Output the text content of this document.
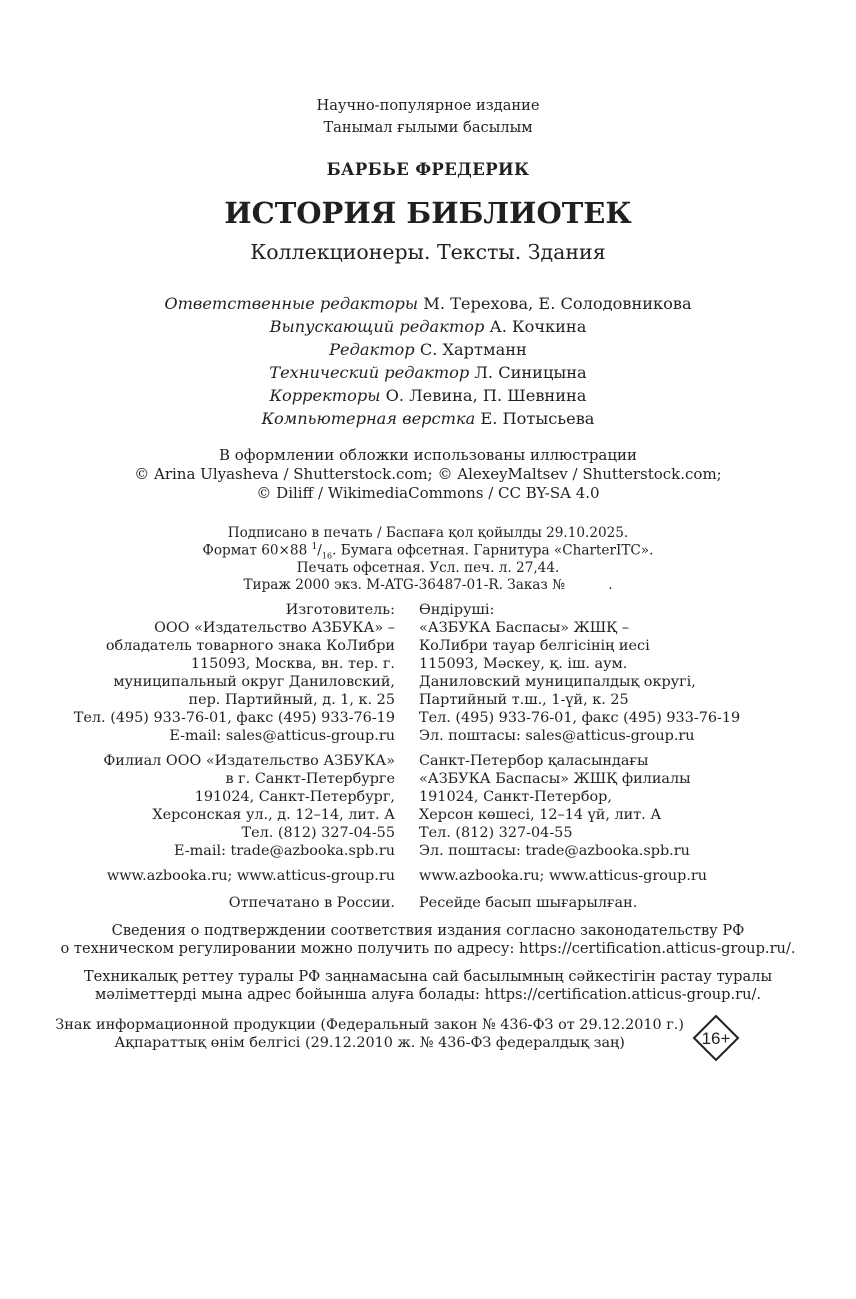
Научно-популярное издание
Танымал ғылыми басылым
БАРБЬЕ ФРЕДЕРИК
ИСТОРИЯ БИБЛИОТЕК
Коллекционеры. Тексты. Здания
Ответственные редакторы М. Терехова, Е. Солодовникова
Выпускающий редактор А. Кочкина
Редактор С. Хартманн
Технический редактор Л. Синицына
Корректоры О. Левина, П. Шевнина
Компьютерная верстка Е. Потысьева
В оформлении обложки использованы иллюстрации
© Arina Ulyasheva / Shutterstock.com; © AlexeyMaltsev / Shutterstock.com;
© Diliff / WikimediaCommons / CC BY-SA 4.0
Подписано в печать / Баспаға қол қойылды 29.10.2025.
Формат 60×88 $^1/_{16}$. Бумага офсетная. Гарнитура «CharterITC».
Печать офсетная. Усл. печ. л. 27,44.
Тираж 2000 экз. M-ATG-36487-01-R. Заказ №          .
Изготовитель:
ООО «Издательство АЗБУКА» –
обладатель товарного знака КоЛибри
115093, Москва, вн. тер. г.
муниципальный округ Даниловский,
пер. Партийный, д. 1, к. 25
Тел. (495) 933-76-01, факс (495) 933-76-19
E-mail: sales@atticus-group.ru
Өндіруші:
«АЗБУКА Баспасы» ЖШҚ –
КоЛибри тауар белгісінің иесі
115093, Мәскеу, қ. іш. аум.
Даниловский муниципалдық округі,
Партийный т.ш., 1-үй, к. 25
Тел. (495) 933-76-01, факс (495) 933-76-19
Эл. поштасы: sales@atticus-group.ru
Филиал ООО «Издательство АЗБУКА»
в г. Санкт-Петербурге
191024, Санкт-Петербург,
Херсонская ул., д. 12–14, лит. А
Тел. (812) 327-04-55
E-mail: trade@azbooka.spb.ru
Санкт-Петербор қаласындағы
«АЗБУКА Баспасы» ЖШҚ филиалы
191024, Санкт-Петербор,
Херсон көшесі, 12–14 үй, лит. А
Тел. (812) 327-04-55
Эл. поштасы: trade@azbooka.spb.ru
www.azbooka.ru; www.atticus-group.ru www.azbooka.ru; www.atticus-group.ru
Отпечатано в России. Ресейде басып шығарылған.
Сведения о подтверждении соответствия издания согласно законодательству РФ
о техническом регулировании можно получить по адресу: https://certification.atticus-group.ru/.
Техникалық реттеу туралы РФ заңнамасына сай басылымның сәйкестігін растау туралы
мәліметтерді мына адрес бойынша алуға болады: https://certification.atticus-group.ru/.
Знак информационной продукции (Федеральный закон № 436-ФЗ от 29.12.2010 г.)
Ақпараттық өнім белгісі (29.12.2010 ж. № 436-ФЗ федералдық заң)	16+
